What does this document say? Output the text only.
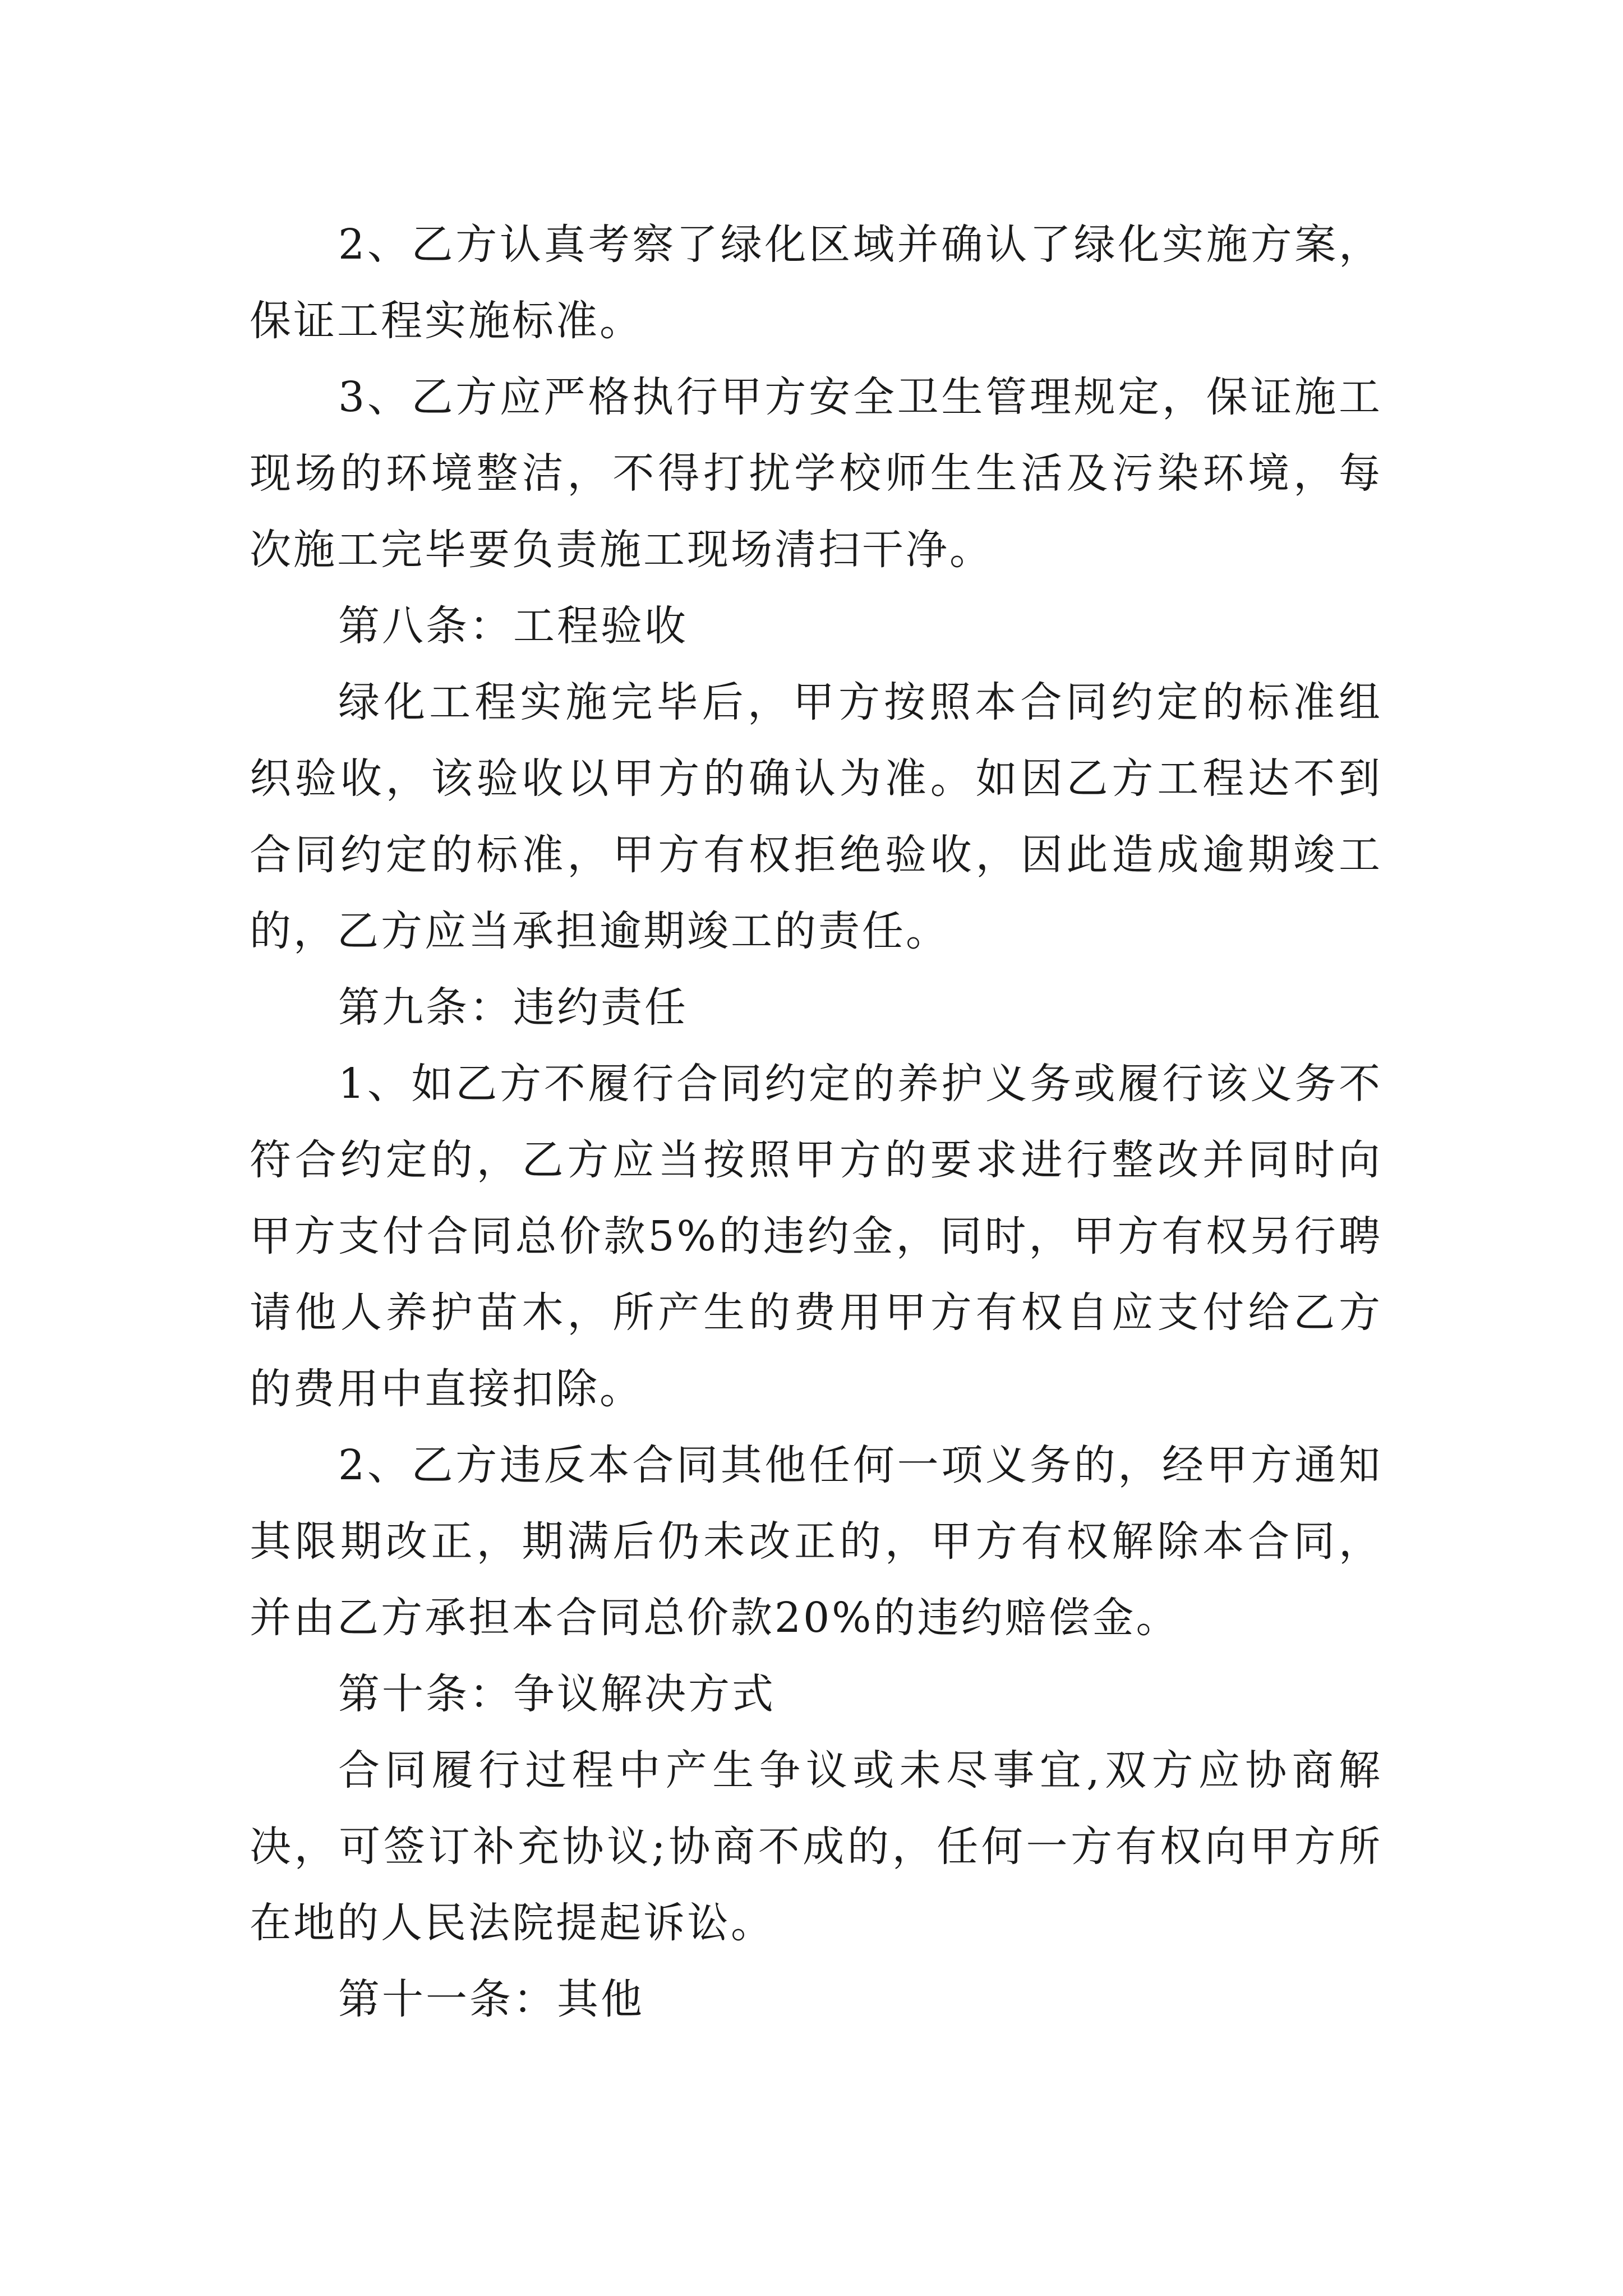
2、乙方认真考察了绿化区域并确认了绿化实施方案，保证工程实施标准。

3、乙方应严格执行甲方安全卫生管理规定，保证施工现场的环境整洁，不得打扰学校师生生活及污染环境，每次施工完毕要负责施工现场清扫干净。

第八条：工程验收

绿化工程实施完毕后，甲方按照本合同约定的标准组织验收，该验收以甲方的确认为准。如因乙方工程达不到合同约定的标准，甲方有权拒绝验收，因此造成逾期竣工的，乙方应当承担逾期竣工的责任。

第九条：违约责任

1、如乙方不履行合同约定的养护义务或履行该义务不符合约定的，乙方应当按照甲方的要求进行整改并同时向甲方支付合同总价款5%的违约金，同时，甲方有权另行聘请他人养护苗木，所产生的费用甲方有权自应支付给乙方的费用中直接扣除。

2、乙方违反本合同其他任何一项义务的，经甲方通知其限期改正，期满后仍未改正的，甲方有权解除本合同，并由乙方承担本合同总价款20%的违约赔偿金。

第十条：争议解决方式

合同履行过程中产生争议或未尽事宜,双方应协商解决，可签订补充协议;协商不成的，任何一方有权向甲方所在地的人民法院提起诉讼。

第十一条：其他
